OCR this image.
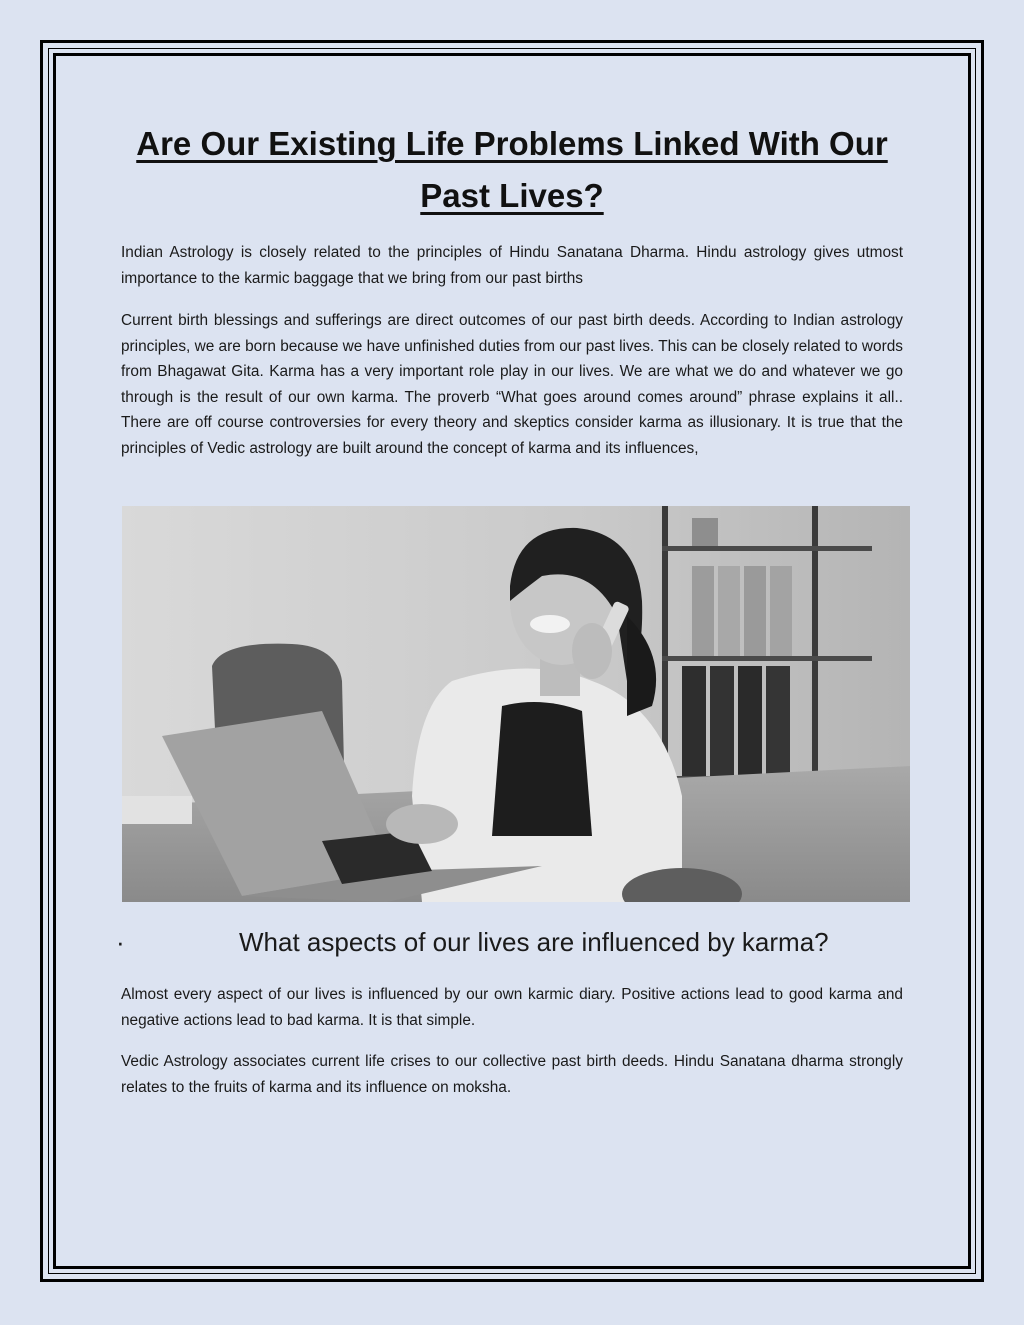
Are Our Existing Life Problems Linked With Our Past Lives?

Indian Astrology is closely related to the principles of Hindu Sanatana Dharma. Hindu astrology gives utmost importance to the karmic baggage that we bring from our past births

Current birth blessings and sufferings are direct outcomes of our past birth deeds. According to Indian astrology principles, we are born because we have unfinished duties from our past lives. This can be closely related to words from Bhagawat Gita. Karma has a very important role play in our lives. We are what we do and whatever we go through is the result of our own karma. The proverb “What goes around comes around” phrase explains it all.. There are off course controversies for every theory and skeptics consider karma as illusionary. It is true that the principles of Vedic astrology are built around the concept of karma and its influences,

·	What aspects of our lives are influenced by karma?

Almost every aspect of our lives is influenced by our own karmic diary. Positive actions lead to good karma and negative actions lead to bad karma. It is that simple.

Vedic Astrology associates current life crises to our collective past birth deeds. Hindu Sanatana dharma strongly relates to the fruits of karma and its influence on moksha.
